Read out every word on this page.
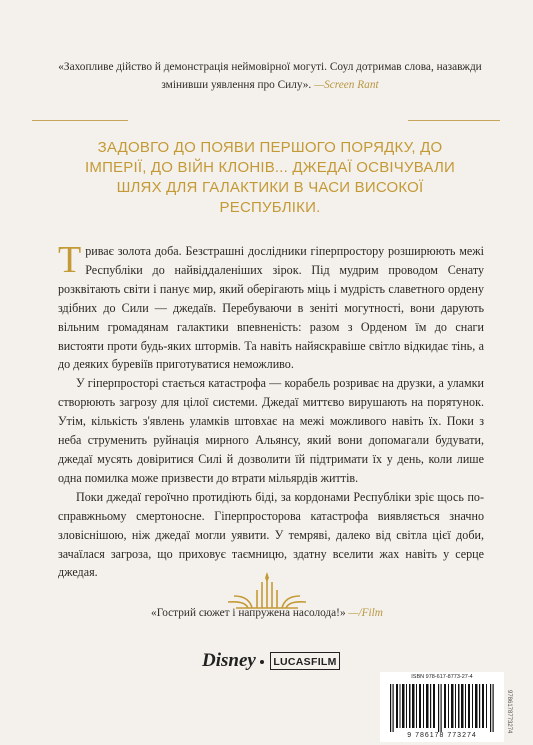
«Захопливе дійство й демонстрація неймовірної могуті. Соул дотримав слова, назавжди змінивши уявлення про Силу». —Screen Rant
ЗАДОВГО ДО ПОЯВИ ПЕРШОГО ПОРЯДКУ, ДО ІМПЕРІЇ, ДО ВІЙН КЛОНІВ... ДЖЕДАЇ ОСВІЧУВАЛИ ШЛЯХ ДЛЯ ГАЛАКТИКИ В ЧАСИ ВИСОКОЇ РЕСПУБЛІКИ.

Триває золота доба. Безстрашні дослідники гіперпростору розширюють межі Республіки до найвіддаленіших зірок. Під мудрим проводом Сенату розквітають світи і панує мир, який оберігають міць і мудрість славетного ордену здібних до Сили — джедаїв. Перебуваючи в зеніті могутності, вони дарують вільним громадянам галактики впевненість: разом з Орденом їм до снаги вистояти проти будь-яких штормів. Та навіть найяскравіше світло відкидає тінь, а до деяких буревіїв приготуватися неможливо.

У гіперпросторі стається катастрофа — корабель розриває на друзки, а уламки створюють загрозу для цілої системи. Джедаї миттєво вирушають на порятунок. Утім, кількість з'явлень уламків штовхає на межі можливого навіть їх. Поки з неба струменить руйнація мирного Альянсу, який вони допомагали будувати, джедаї мусять довіритися Силі й дозволити їй підтримати їх у день, коли лише одна помилка може призвести до втрати мільярдів життів.

Поки джедаї героїчно протидіють біді, за кордонами Республіки зріє щось по-справжньому смертоносне. Гіперпросторова катастрофа виявляється значно зловіснішою, ніж джедаї могли уявити. У темряві, далеко від світла цієї доби, зачаїлася загроза, що приховує таємницю, здатну вселити жах навіть у серце джедая.

«Гострий сюжет і напружена насолода!» —/Film
Disney	LUCASFILM
ISBN 978-617-8773-27-4
9 786178 773274
9786178773274
